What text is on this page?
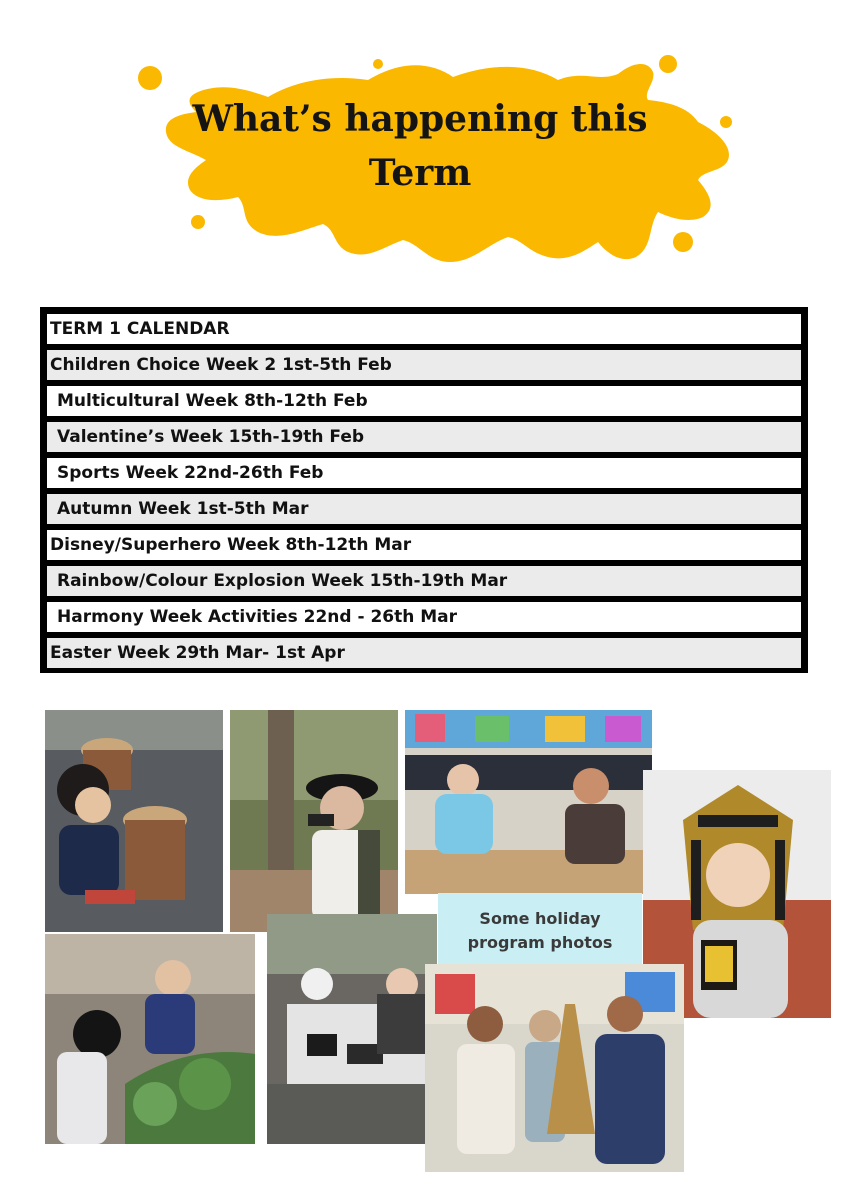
What’s happening this
Term
TERM 1 CALENDAR
Children Choice Week 2 1st-5th Feb
Multicultural Week 8th-12th Feb
Valentine’s Week 15th-19th Feb
Sports Week 22nd-26th Feb
Autumn Week 1st-5th Mar
Disney/Superhero Week 8th-12th Mar
Rainbow/Colour Explosion Week 15th-19th Mar
Harmony Week Activities 22nd - 26th Mar
Easter Week 29th Mar- 1st Apr
Some holiday
program photos
